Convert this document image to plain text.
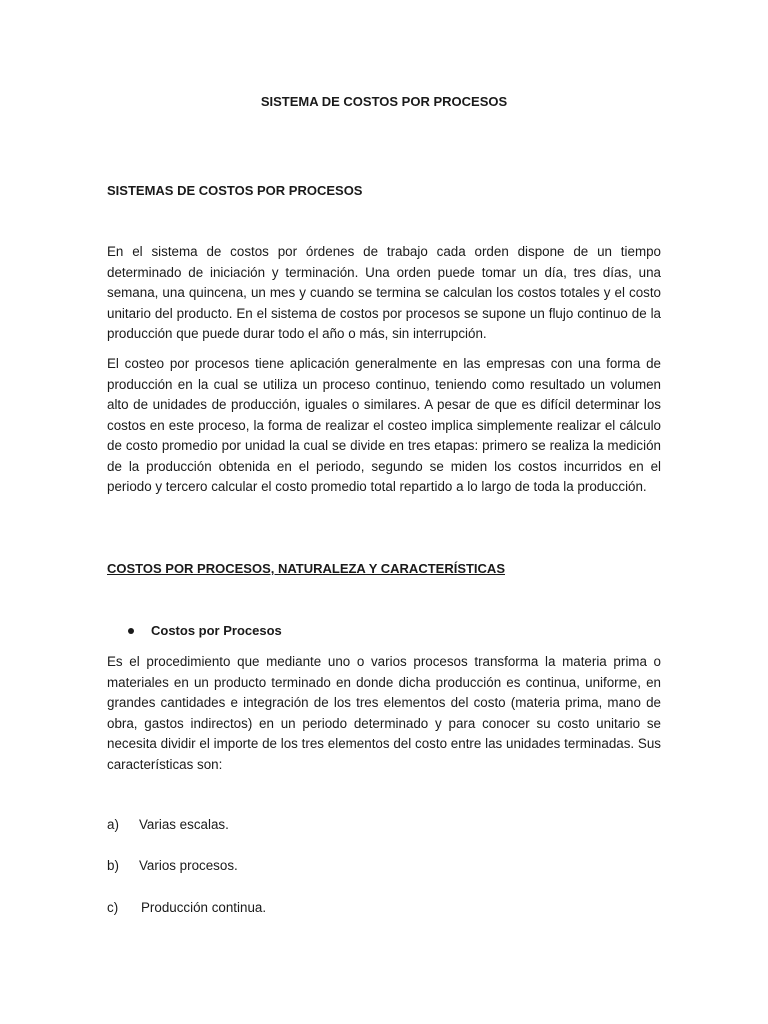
SISTEMA DE COSTOS POR PROCESOS
SISTEMAS DE COSTOS POR PROCESOS

En el sistema de costos por órdenes de trabajo cada orden dispone de un tiempo determinado de iniciación y terminación. Una orden puede tomar un día, tres días, una semana, una quincena, un mes y cuando se termina se calculan los costos totales y el costo unitario del producto. En el sistema de costos por procesos se supone un flujo continuo de la producción que puede durar todo el año o más, sin interrupción.

El costeo por procesos tiene aplicación generalmente en las empresas con una forma de producción en la cual se utiliza un proceso continuo, teniendo como resultado un volumen alto de unidades de producción, iguales o similares. A pesar de que es difícil determinar los costos en este proceso, la forma de realizar el costeo implica simplemente realizar el cálculo de costo promedio por unidad la cual se divide en tres etapas: primero se realiza la medición de la producción obtenida en el periodo, segundo se miden los costos incurridos en el periodo y tercero calcular el costo promedio total repartido a lo largo de toda la producción.

COSTOS POR PROCESOS, NATURALEZA Y CARACTERÍSTICAS
Costos por Procesos

Es el procedimiento que mediante uno o varios procesos transforma la materia prima o materiales en un producto terminado en donde dicha producción es continua, uniforme, en grandes cantidades e integración de los tres elementos del costo (materia prima, mano de obra, gastos indirectos) en un periodo determinado y para conocer su costo unitario se necesita dividir el importe de los tres elementos del costo entre las unidades terminadas. Sus características son:

a)	Varias escalas.
b)	Varios procesos.
c)	Producción continua.
